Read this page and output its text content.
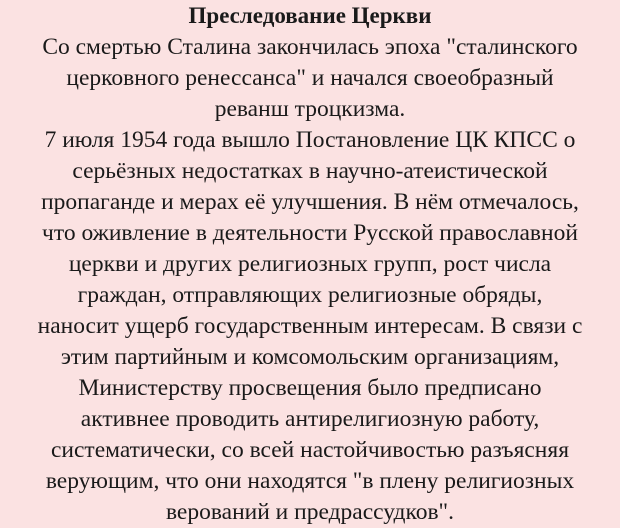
Преследование Церкви
Со смертью Сталина закончилась эпоха "сталинского
церковного ренессанса" и начался своеобразный
реванш троцкизма.
7 июля 1954 года вышло Постановление ЦК КПСС о
серьёзных недостатках в научно-атеистической
пропаганде и мерах её улучшения. В нём отмечалось,
что оживление в деятельности Русской православной
церкви и других религиозных групп, рост числа
граждан, отправляющих религиозные обряды,
наносит ущерб государственным интересам. В связи с
этим партийным и комсомольским организациям,
Министерству просвещения было предписано
активнее проводить антирелигиозную работу,
систематически, со всей настойчивостью разъясняя
верующим, что они находятся "в плену религиозных
верований и предрассудков".
